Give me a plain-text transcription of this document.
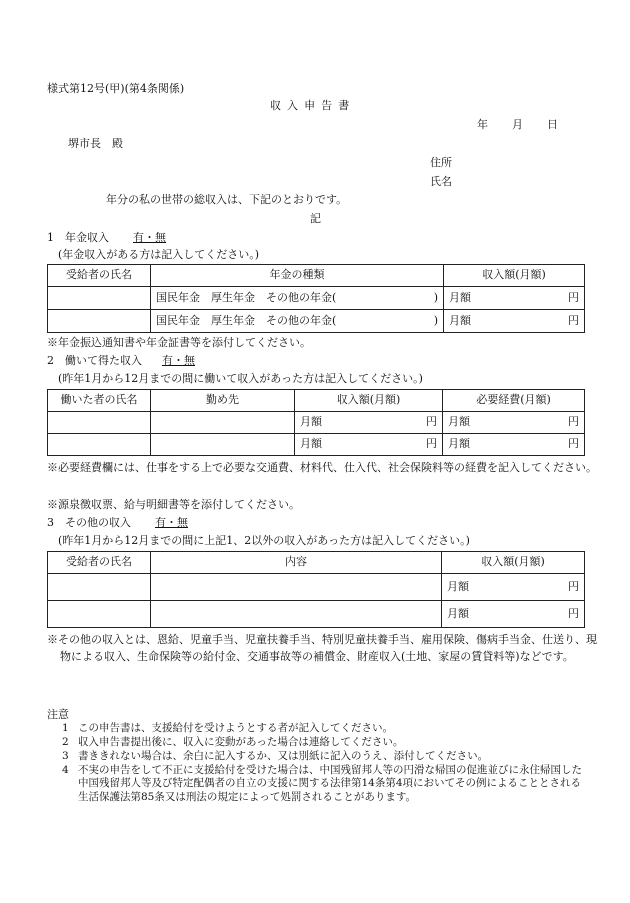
様式第12号(甲)(第4条関係)
収入申告書
年 月 日
堺市長　殿
住所
氏名
年分の私の世帯の総収入は、下記のとおりです。
記
1　年金収入 有・無
(年金収入がある方は記入してください。)
受給者の氏名	年金の種類	収入額(月額)

	国民年金　厚生年金　その他の年金( )	月額 円

	国民年金　厚生年金　その他の年金( )	月額 円
※年金振込通知書や年金証書等を添付してください。
2　働いて得た収入 有・無
(昨年1月から12月までの間に働いて収入があった方は記入してください。)
働いた者の氏名	勤め先	収入額(月額)	必要経費(月額)

		月額 円	月額 円

		月額 円	月額 円
※必要経費欄には、仕事をする上で必要な交通費、材料代、仕入代、社会保険料等の経費を記入してください。
※源泉徴収票、給与明細書等を添付してください。
3　その他の収入 有・無
(昨年1月から12月までの間に上記1、2以外の収入があった方は記入してください。)
受給者の氏名	内容	収入額(月額)

		月額 円

		月額 円
※その他の収入とは、恩給、児童手当、児童扶養手当、特別児童扶養手当、雇用保険、傷病手当金、仕送り、現物による収入、生命保険等の給付金、交通事故等の補償金、財産収入(土地、家屋の賃貸料等)などです。
注意
1 この申告書は、支援給付を受けようとする者が記入してください。
2 収入申告書提出後に、収入に変動があった場合は連絡してください。
3 書ききれない場合は、余白に記入するか、又は別紙に記入のうえ、添付してください。
4 不実の申告をして不正に支援給付を受けた場合は、中国残留邦人等の円滑な帰国の促進並びに永住帰国した中国残留邦人等及び特定配偶者の自立の支援に関する法律第14条第4項においてその例によることとされる生活保護法第85条又は刑法の規定によって処罰されることがあります。
